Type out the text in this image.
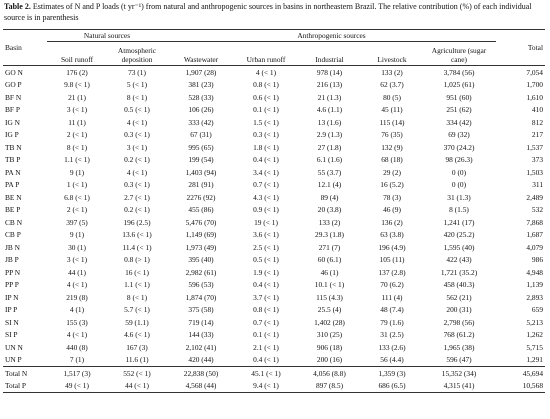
Table 2. Estimates of N and P loads (t yr⁻¹) from natural and anthropogenic sources in basins in northeastern Brazil. The relative contribution (%) of each individual source is in parenthesis
Basin	Natural sources		Anthropogenic sources					Total
	Soil runoff	Atmospheric deposition	Wastewater	Urban runoff	Industrial	Livestock	Agriculture (sugar cane)	

GO N	176 (2)	73 (1)	1,907 (28)	4 (< 1)	978 (14)	133 (2)	3,784 (56)	7,054
GO P	9.8 (< 1)	5 (< 1)	381 (23)	0.8 (< 1)	216 (13)	62 (3.7)	1,025 (61)	1,700
BF N	21 (1)	8 (< 1)	528 (33)	0.6 (< 1)	21 (1.3)	80 (5)	951 (60)	1,610
BF P	3 (< 1)	0.5 (< 1)	106 (26)	0.1 (< 1)	4.6 (1.1)	45 (11)	251 (62)	410
IG N	11 (1)	4 (< 1)	333 (42)	1.5 (< 1)	13 (1.6)	115 (14)	334 (42)	812
IG P	2 (< 1)	0.3 (< 1)	67 (31)	0.3 (< 1)	2.9 (1.3)	76 (35)	69 (32)	217
TB N	8 (< 1)	3 (< 1)	995 (65)	1.8 (< 1)	27 (1.8)	132 (9)	370 (24.2)	1,537
TB P	1.1 (< 1)	0.2 (< 1)	199 (54)	0.4 (< 1)	6.1 (1.6)	68 (18)	98 (26.3)	373
PA N	9 (1)	4 (< 1)	1,403 (94)	3.4 (< 1)	55 (3.7)	29 (2)	0 (0)	1,503
PA P	1 (< 1)	0.3 (< 1)	281 (91)	0.7 (< 1)	12.1 (4)	16 (5.2)	0 (0)	311
BE N	6.8 (< 1)	2.7 (< 1)	2276 (92)	4.3 (< 1)	89 (4)	78 (3)	31 (1.3)	2,489
BE P	2 (< 1)	0.2 (< 1)	455 (86)	0.9 (< 1)	20 (3.8)	46 (9)	8 (1.5)	532
CB N	397 (5)	196 (2.5)	5,476 (70)	19 (< 1)	133 (2)	136 (2)	1,241 (17)	7,868
CB P	9 (1)	13.6 (< 1)	1,149 (69)	3.6 (< 1)	29.3 (1.8)	63 (3.8)	420 (25.2)	1,687
JB N	30 (1)	11.4 (< 1)	1,973 (49)	2.5 (< 1)	271 (7)	196 (4.9)	1,595 (40)	4,079
JB P	3 (< 1)	0.8 (> 1)	395 (40)	0.5 (< 1)	60 (6.1)	105 (11)	422 (43)	986
PP N	44 (1)	16 (< 1)	2,982 (61)	1.9 (< 1)	46 (1)	137 (2.8)	1,721 (35.2)	4,948
PP P	4 (< 1)	1.1 (< 1)	596 (53)	0.4 (< 1)	10.1 (< 1)	70 (6.2)	458 (40.3)	1,139
IP N	219 (8)	8 (< 1)	1,874 (70)	3.7 (< 1)	115 (4.3)	111 (4)	562 (21)	2,893
IP P	4 (1)	5.7 (< 1)	375 (58)	0.8 (< 1)	25.5 (4)	48 (7.4)	200 (31)	659
SI N	155 (3)	59 (1.1)	719 (14)	0.7 (< 1)	1,402 (28)	79 (1.6)	2,798 (56)	5,213
SI P	4 (< 1)	4.6 (< 1)	144 (33)	0.1 (< 1)	310 (25)	31 (2.5)	768 (61.2)	1,262
UN N	440 (8)	167 (3)	2,102 (41)	2.1 (< 1)	906 (18)	133 (2.6)	1,965 (38)	5,715
UN P	7 (1)	11.6 (1)	420 (44)	0.4 (< 1)	200 (16)	56 (4.4)	596 (47)	1,291
Total N	1,517 (3)	552 (< 1)	22,838 (50)	45.1 (< 1)	4,056 (8.8)	1,359 (3)	15,352 (34)	45,694
Total P	49 (< 1)	44 (< 1)	4,568 (44)	9.4 (< 1)	897 (8.5)	686 (6.5)	4,315 (41)	10,568
